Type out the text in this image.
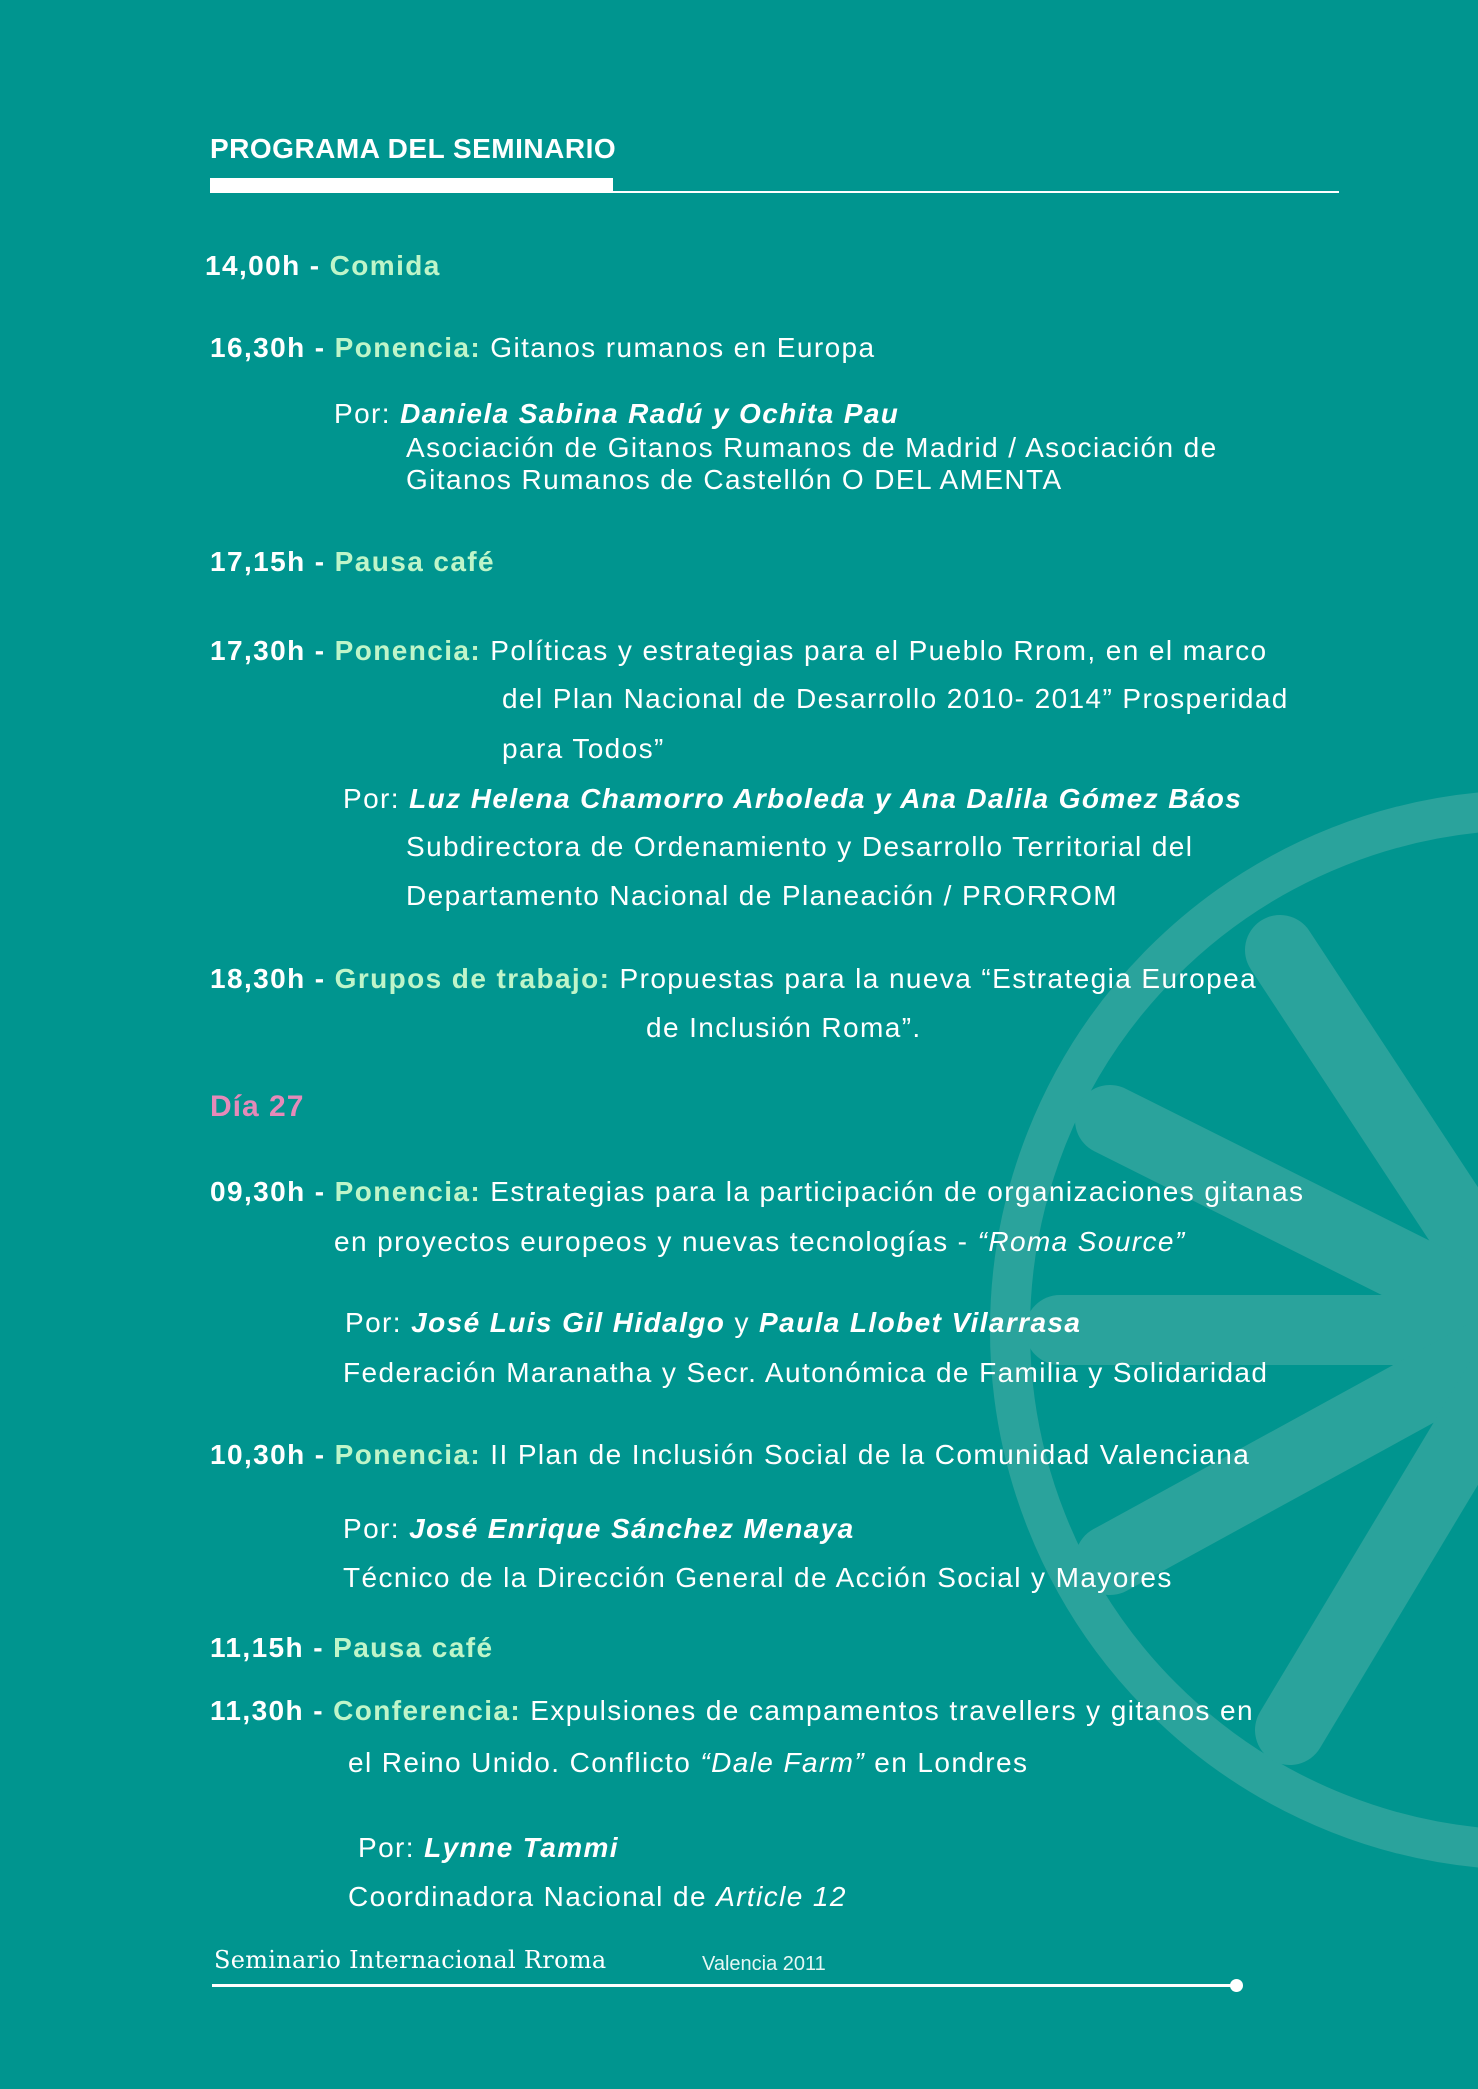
PROGRAMA DEL SEMINARIO
14,00h - Comida
16,30h - Ponencia: Gitanos rumanos en Europa
Por: Daniela Sabina Radú y Ochita Pau
Asociación de Gitanos Rumanos de Madrid / Asociación de
Gitanos Rumanos de Castellón O DEL AMENTA
17,15h - Pausa café
17,30h - Ponencia: Políticas y estrategias para el Pueblo Rrom, en el marco
del Plan Nacional de Desarrollo 2010- 2014” Prosperidad
para Todos”
Por: Luz Helena Chamorro Arboleda y Ana Dalila Gómez Báos
Subdirectora de Ordenamiento y Desarrollo Territorial del
Departamento Nacional de Planeación / PRORROM
18,30h - Grupos de trabajo: Propuestas para la nueva “Estrategia Europea
de Inclusión Roma”.
Día 27
09,30h - Ponencia: Estrategias para la participación de organizaciones gitanas
en proyectos europeos y nuevas tecnologías - “Roma Source”
Por: José Luis Gil Hidalgo y Paula Llobet Vilarrasa
Federación Maranatha y Secr. Autonómica de Familia y Solidaridad
10,30h - Ponencia: II Plan de Inclusión Social de la Comunidad Valenciana
Por: José Enrique Sánchez Menaya
Técnico de la Dirección General de Acción Social y Mayores
11,15h - Pausa café
11,30h - Conferencia: Expulsiones de campamentos travellers y gitanos en
el Reino Unido. Conflicto “Dale Farm” en Londres
Por: Lynne Tammi
Coordinadora Nacional de Article 12
Seminario Internacional Rroma	Valencia 2011
